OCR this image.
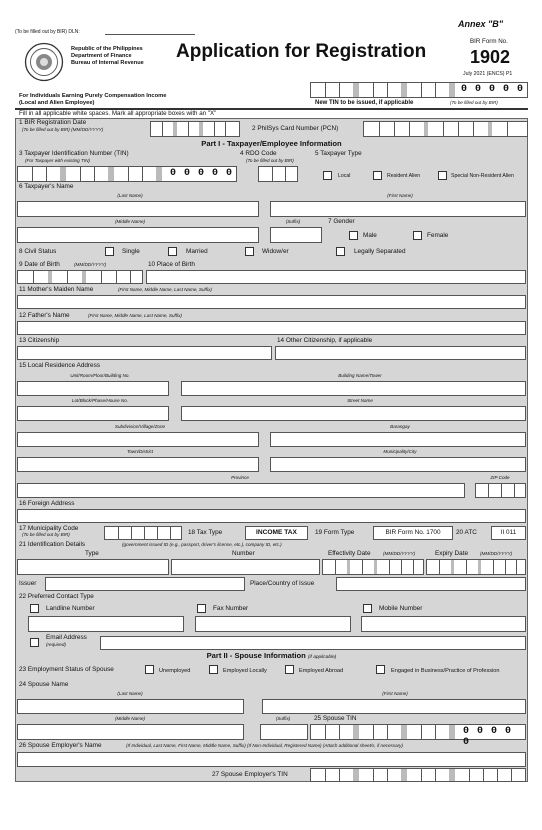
(To be filled out by BIR) DLN:
Annex "B"
Republic of the Philippines
Department of Finance
Bureau of Internal Revenue
Application for Registration	BIR Form No.
1902
July 2021 (ENCS) P1
For Individuals Earning Purely Compensation Income
(Local and Alien Employee)
0 0 0 0 0
New TIN to be issued, if applicable	(To be filled out by BIR)
Fill in all applicable white spaces. Mark all appropriate boxes with an "X"
1 BIR Registration Date
(To be filled out by BIR) (MM/DD/YYYY)	2 PhilSys Card Number (PCN)
Part I - Taxpayer/Employee Information
3 Taxpayer Identification Number (TIN)
(For Taxpayer with existing TIN)
0 0 0 0 0
4 RDO Code
(To be filled out by BIR)
5 Taxpayer Type
Local	Resident Alien	Special Non-Resident Alien
6 Taxpayer's Name
(Last Name)	(First Name)
(Middle Name)	(Suffix)	7 Gender
Male	Female
8 Civil Status	Single	Married	Widow/er	Legally Separated
9 Date of Birth	(MM/DD/YYYY)	10 Place of Birth
11 Mother's Maiden Name	(First Name, Middle Name, Last Name, Suffix)
12 Father's Name	(First Name, Middle Name, Last Name, Suffix)
13 Citizenship	14 Other Citizenship, if applicable
15 Local Residence Address
Unit/Room/Floor/Building No.	Building Name/Tower
Lot/Block/Phase/House No.	Street Name
Subdivision/Village/Zone	Barangay
Town/District	Municipality/City
Province	ZIP Code
16 Foreign Address
17 Municipality Code
(To be filled out by BIR)	18 Tax Type	INCOME TAX	19 Form Type	BIR Form No. 1700	20 ATC	II 011
21 Identification Details	(government issued ID (e.g., passport, driver's license, etc.), company ID, etc.)
Type	Number	Effectivity Date	(MM/DD/YYYY)	Expiry Date	(MM/DD/YYYY)
Issuer	Place/Country of Issue
22 Preferred Contact Type
Landline Number	Fax Number	Mobile Number
Email Address
(required)
Part II - Spouse Information (if applicable)
23 Employment Status of Spouse	Unemployed	Employed Locally	Employed Abroad	Engaged in Business/Practice of Profession
24 Spouse Name
(Last Name)	(First Name)
(Middle Name)	(Suffix)	25 Spouse TIN
0 0 0 0 0
26 Spouse Employer's Name	(If Individual, Last Name, First Name, Middle Name, Suffix) (If Non-Individual, Registered Name) (Attach additional sheet/s, if necessary)
27 Spouse Employer's TIN
